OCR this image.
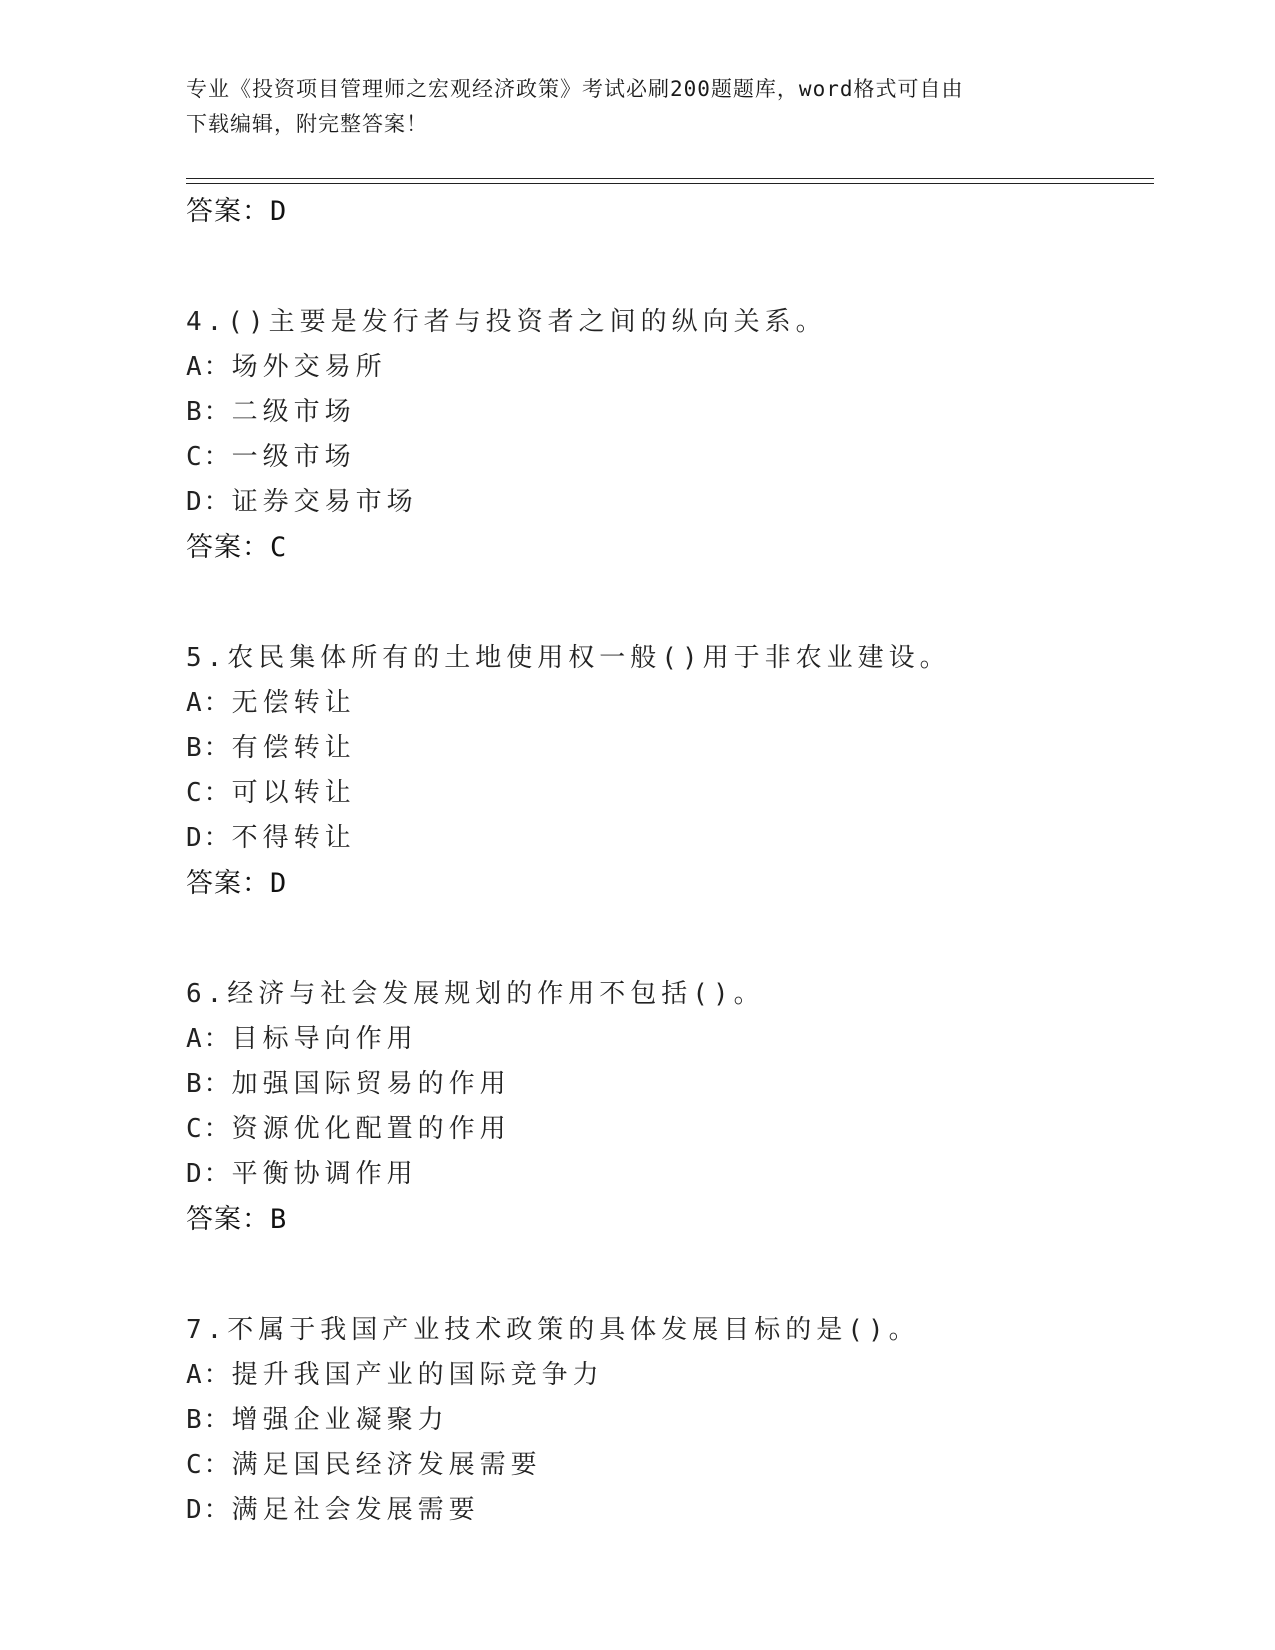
专业《投资项目管理师之宏观经济政策》考试必刷200题题库，word格式可自由
下载编辑，附完整答案！
答案：D
4.()主要是发行者与投资者之间的纵向关系。
A：场外交易所
B：二级市场
C：一级市场
D：证券交易市场
答案：C
5.农民集体所有的土地使用权一般()用于非农业建设。
A：无偿转让
B：有偿转让
C：可以转让
D：不得转让
答案：D
6.经济与社会发展规划的作用不包括()。
A：目标导向作用
B：加强国际贸易的作用
C：资源优化配置的作用
D：平衡协调作用
答案：B
7.不属于我国产业技术政策的具体发展目标的是()。
A：提升我国产业的国际竞争力
B：增强企业凝聚力
C：满足国民经济发展需要
D：满足社会发展需要
